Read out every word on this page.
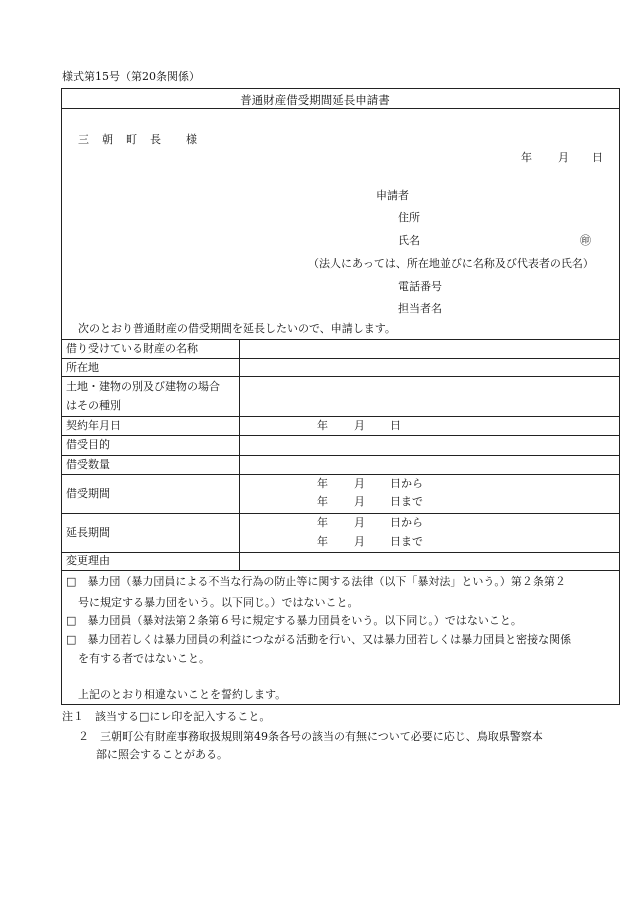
様式第15号（第20条関係）
普通財産借受期間延長申請書
三　朝　町　長　　様
年 月 日
申請者
住所
氏名	㊞
（法人にあっては、所在地並びに名称及び代表者の氏名）
電話番号
担当者名
次のとおり普通財産の借受期間を延長したいので、申請します。
借り受けている財産の名称
所在地
土地・建物の別及び建物の場合
はその種別
契約年月日
借受目的
借受数量
借受期間
延長期間
変更理由
年 月 日
年 月 日から
年 月 日まで
年 月 日から
年 月 日まで
□　暴力団（暴力団員による不当な行為の防止等に関する法律（以下「暴対法」という。）第２条第２
号に規定する暴力団をいう。以下同じ。）ではないこと。
□　暴力団員（暴対法第２条第６号に規定する暴力団員をいう。以下同じ。）ではないこと。
□　暴力団若しくは暴力団員の利益につながる活動を行い、又は暴力団若しくは暴力団員と密接な関係
を有する者ではないこと。
上記のとおり相違ないことを誓約します。
注１　該当する□にレ印を記入すること。
２　三朝町公有財産事務取扱規則第49条各号の該当の有無について必要に応じ、鳥取県警察本
部に照会することがある。
